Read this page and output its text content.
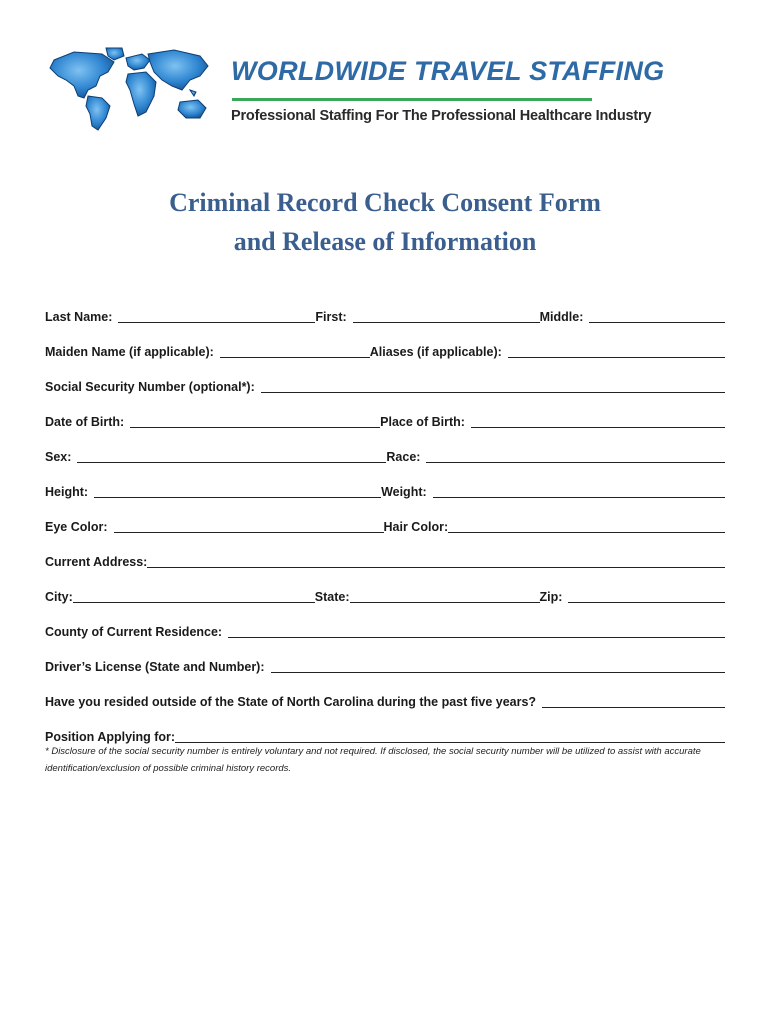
WORLDWIDE TRAVEL STAFFING
Professional Staffing For The Professional Healthcare Industry
Criminal Record Check Consent Form
and Release of Information
Last Name:	First:	Middle:
Maiden Name (if applicable):	Aliases (if applicable):
Social Security Number (optional*):
Date of Birth:	Place of Birth:
Sex:	Race:
Height:	Weight:
Eye Color:	Hair Color:
Current Address:
City:	State:	Zip:
County of Current Residence:
Driver’s License (State and Number):
Have you resided outside of the State of North Carolina during the past five years?
Position Applying for:
* Disclosure of the social security number is entirely voluntary and not required. If disclosed, the social security number will be utilized to assist with accurate identification/exclusion of possible criminal history records.
